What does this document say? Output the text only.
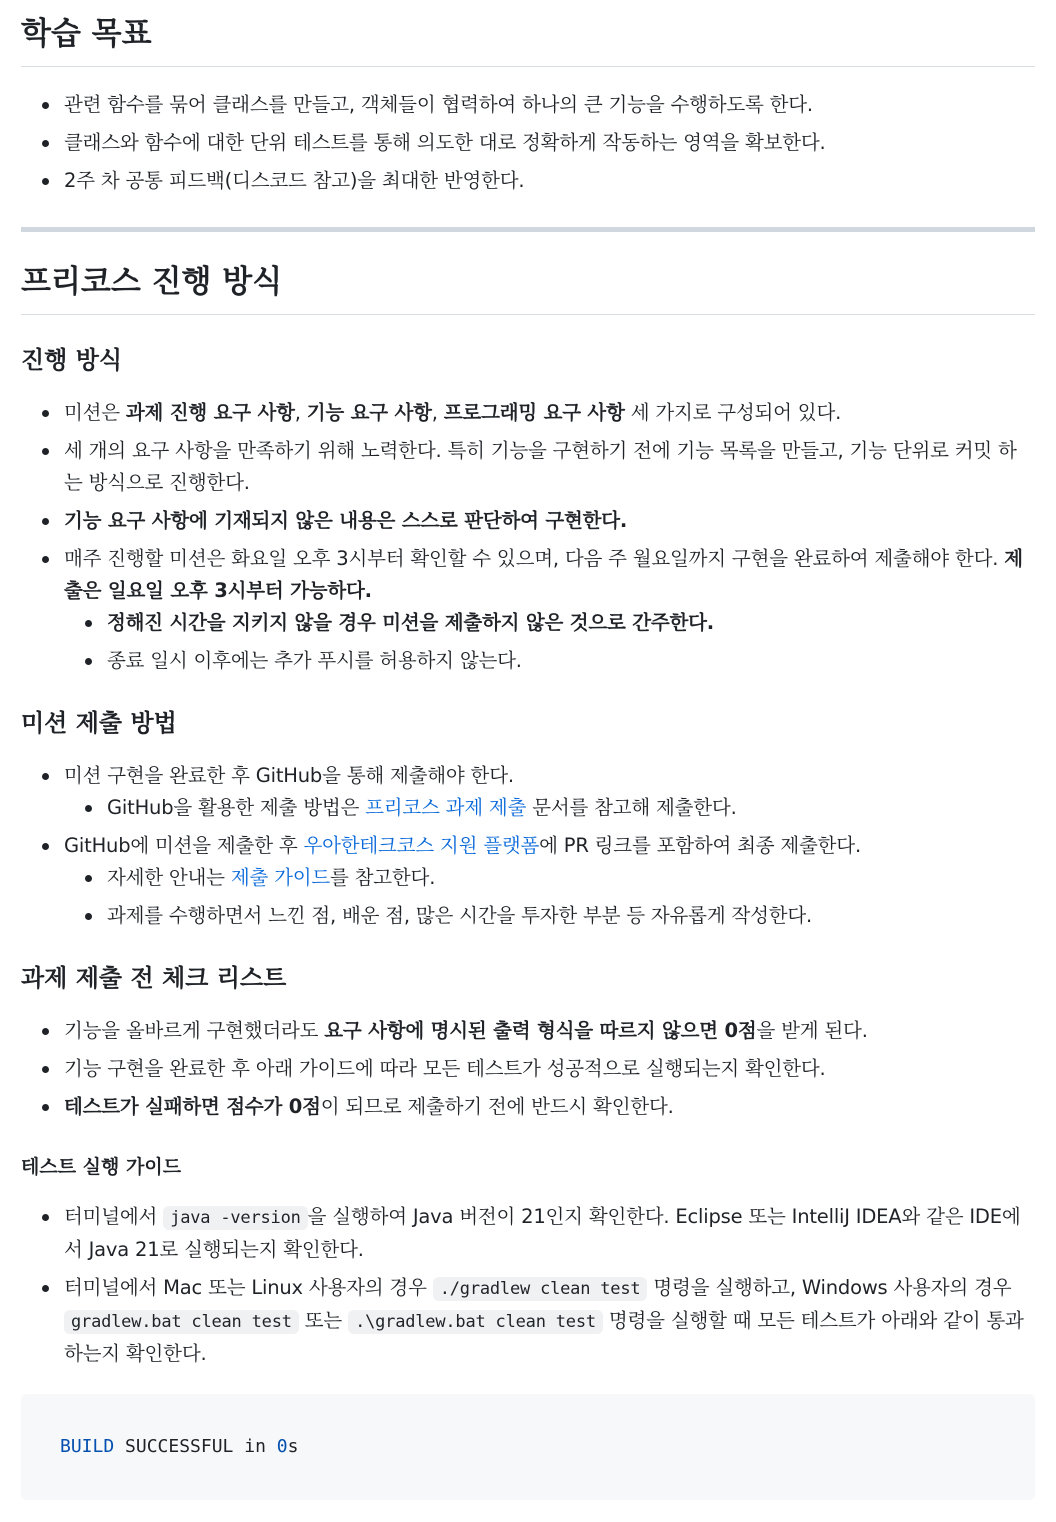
학습 목표
관련 함수를 묶어 클래스를 만들고, 객체들이 협력하여 하나의 큰 기능을 수행하도록 한다.
클래스와 함수에 대한 단위 테스트를 통해 의도한 대로 정확하게 작동하는 영역을 확보한다.
2주 차 공통 피드백(디스코드 참고)을 최대한 반영한다.
프리코스 진행 방식
진행 방식
미션은 과제 진행 요구 사항, 기능 요구 사항, 프로그래밍 요구 사항 세 가지로 구성되어 있다.
세 개의 요구 사항을 만족하기 위해 노력한다. 특히 기능을 구현하기 전에 기능 목록을 만들고, 기능 단위로 커밋 하는 방식으로 진행한다.
기능 요구 사항에 기재되지 않은 내용은 스스로 판단하여 구현한다.
매주 진행할 미션은 화요일 오후 3시부터 확인할 수 있으며, 다음 주 월요일까지 구현을 완료하여 제출해야 한다. 제출은 일요일 오후 3시부터 가능하다.
정해진 시간을 지키지 않을 경우 미션을 제출하지 않은 것으로 간주한다.
종료 일시 이후에는 추가 푸시를 허용하지 않는다.
미션 제출 방법
미션 구현을 완료한 후 GitHub을 통해 제출해야 한다.
GitHub을 활용한 제출 방법은 프리코스 과제 제출 문서를 참고해 제출한다.
GitHub에 미션을 제출한 후 우아한테크코스 지원 플랫폼에 PR 링크를 포함하여 최종 제출한다.
자세한 안내는 제출 가이드를 참고한다.
과제를 수행하면서 느낀 점, 배운 점, 많은 시간을 투자한 부분 등 자유롭게 작성한다.
과제 제출 전 체크 리스트
기능을 올바르게 구현했더라도 요구 사항에 명시된 출력 형식을 따르지 않으면 0점을 받게 된다.
기능 구현을 완료한 후 아래 가이드에 따라 모든 테스트가 성공적으로 실행되는지 확인한다.
테스트가 실패하면 점수가 0점이 되므로 제출하기 전에 반드시 확인한다.
테스트 실행 가이드
터미널에서 java -version 을 실행하여 Java 버전이 21인지 확인한다. Eclipse 또는 IntelliJ IDEA와 같은 IDE에서 Java 21로 실행되는지 확인한다.
터미널에서 Mac 또는 Linux 사용자의 경우 ./gradlew clean test 명령을 실행하고, Windows 사용자의 경우 gradlew.bat clean test 또는 .\gradlew.bat clean test 명령을 실행할 때 모든 테스트가 아래와 같이 통과하는지 확인한다.
BUILD SUCCESSFUL in 0s
